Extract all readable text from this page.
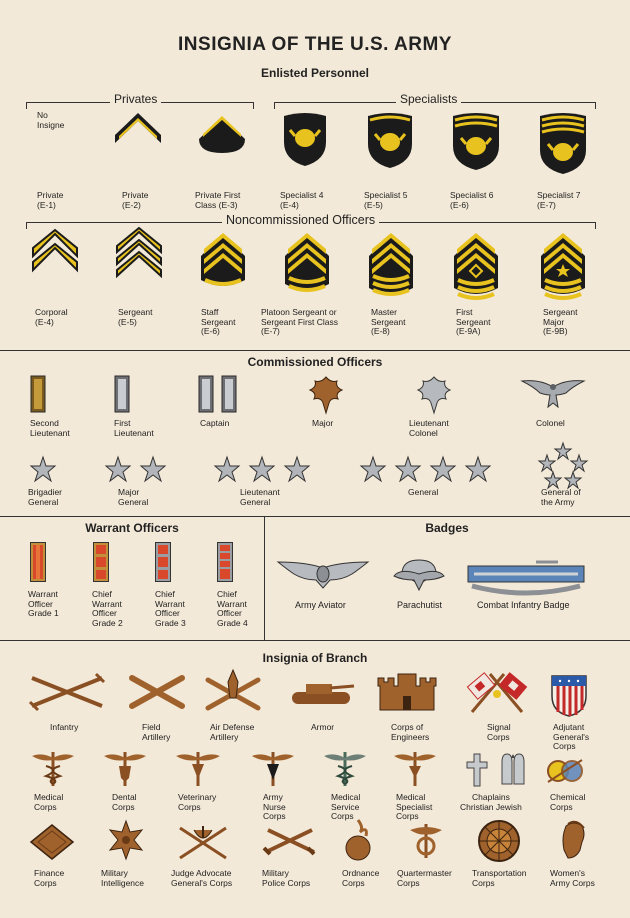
INSIGNIA OF THE U.S. ARMY
Enlisted Personnel
Privates	Specialists
No
Insigne
Private
(E-1)
Private
(E-2)
Private First
Class (E-3)
Specialist 4
(E-4)
Specialist 5
(E-5)
Specialist 6
(E-6)
Specialist 7
(E-7)
Noncommissioned Officers
Corporal
(E-4)
Sergeant
(E-5)
Staff
Sergeant
(E-6)
Platoon Sergeant or
Sergeant First Class
(E-7)
Master
Sergeant
(E-8)
First
Sergeant
(E-9A)
Sergeant
Major
(E-9B)
Commissioned Officers
Second
Lieutenant
First
Lieutenant
Captain	Major	Lieutenant
Colonel
Colonel
Brigadier
General
Major
General
Lieutenant
General
General	General of
the Army
Warrant Officers
Warrant
Officer
Grade 1
Chief
Warrant
Officer
Grade 2
Chief
Warrant
Officer
Grade 3
Chief
Warrant
Officer
Grade 4
Badges
Army Aviator	Parachutist	Combat Infantry Badge
Insignia of Branch
Infantry	Field
Artillery
Air Defense
Artillery
Armor	Corps of
Engineers
Signal
Corps
Adjutant
General's
Corps
Medical
Corps
Dental
Corps
Veterinary
Corps
Army
Nurse
Corps
Medical
Service
Corps
Medical
Specialist
Corps
Chaplains
Christian Jewish
Chemical
Corps
Finance
Corps
Military
Intelligence
Judge Advocate
General's Corps
Military
Police Corps
Ordnance
Corps
Quartermaster
Corps
Transportation
Corps
Women's
Army Corps
